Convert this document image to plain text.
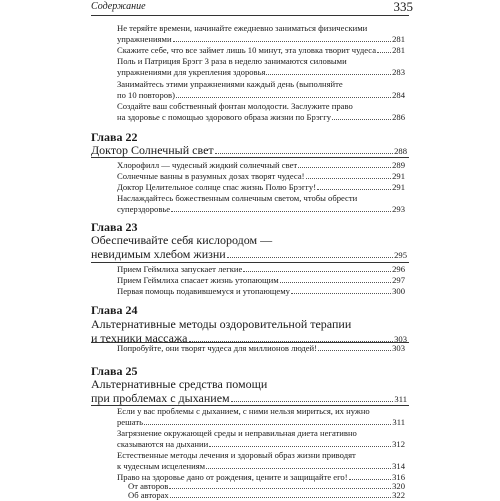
Содержание	335
Не теряйте времени, начинайте ежедневно заниматься физическими
упражнениями	281
Скажите себе, что все займет лишь 10 минут, эта уловка творит чудеса 281
Поль и Патриция Брэгг 3 раза в неделю занимаются силовыми
упражнениями для укрепления здоровья	283
Занимайтесь этими упражнениями каждый день (выполняйте
по 10 повторов)	284
Создайте ваш собственный фонтан молодости. Заслужите право
на здоровье с помощью здорового образа жизни по Брэггу	286
Глава 22
Доктор Солнечный свет	288
Хлорофилл — чудесный жидкий солнечный свет	289
Солнечные ванны в разумных дозах творят чудеса!	291
Доктор Целительное солнце спас жизнь Полю Брэггу!	291
Наслаждайтесь божественным солнечным светом, чтобы обрести
суперздоровье	293
Глава 23
Обеспечивайте себя кислородом —
невидимым хлебом жизни	295
Прием Геймлиха запускает легкие	296
Прием Геймлиха спасает жизнь утопающим	297
Первая помощь подавившемуся и утопающему	300
Глава 24
Альтернативные методы оздоровительной терапии
и техники массажа	303
Попробуйте, они творят чудеса для миллионов людей!	303
Глава 25
Альтернативные средства помощи
при проблемах с дыханием	311
Если у вас проблемы с дыханием, с ними нельзя мириться, их нужно
решать	311
Загрязнение окружающей среды и неправильная диета негативно
сказываются на дыхании	312
Естественные методы лечения и здоровый образ жизни приводят
к чудесным исцелениям	314
Право на здоровье дано от рождения, цените и защищайте его!	316
От авторов	320
Об авторах	322
